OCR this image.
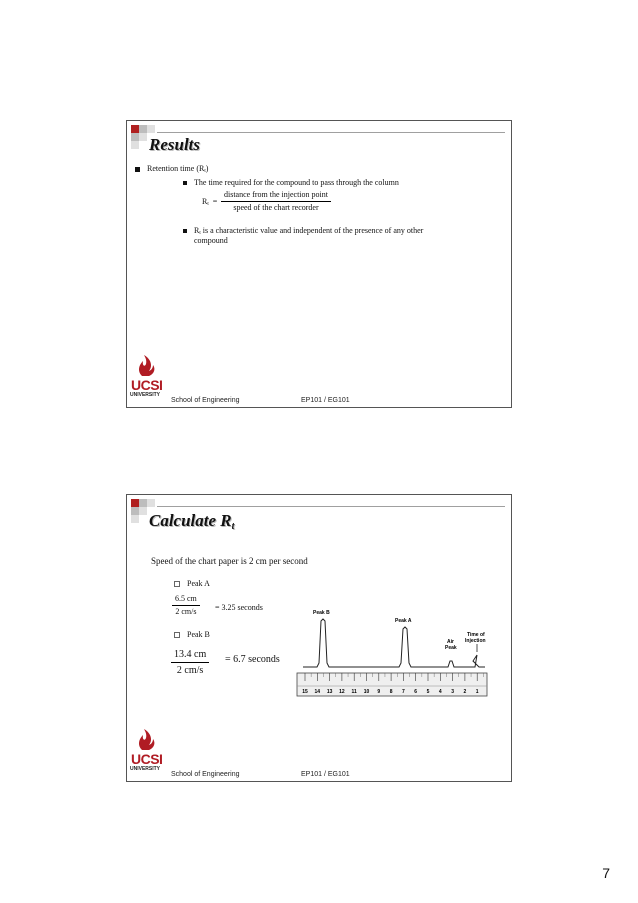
Results
Retention time $(R_t)$
The time required for the compound to pass through the column
$R_t$ =
distance from the injection point
speed of the chart recorder
$R_t$ is a characteristic value and independent of the presence of any other
compound
UCSI
UNIVERSITY
School of Engineering	EP101 / EG101
Calculate Rt
Speed of the chart paper is 2 cm per second
Peak A
$\frac{6.5 cm}{2 cm/s} = 3.25$ seconds
Peak B
$\frac{13.4 cm}{2 cm/s} = 6.7$ seconds
Peak B
Peak A
Air
Peak
Time of
Injection
15 14 13 12 11 10 9 8 7 6 5 4 3 2 1
UCSI
UNIVERSITY
School of Engineering	EP101 / EG101
7
